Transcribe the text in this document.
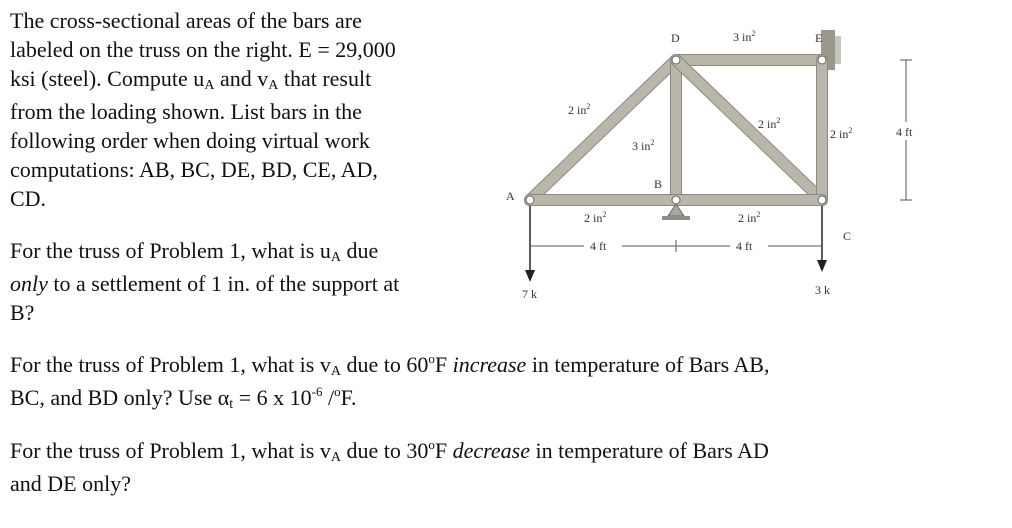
The cross-sectional areas of the bars are
labeled on the truss on the right. E = 29,000
ksi (steel). Compute uA and vA that result
from the loading shown. List bars in the
following order when doing virtual work
computations: AB, BC, DE, BD, CE, AD,
CD.

For the truss of Problem 1, what is uA due
only to a settlement of 1 in. of the support at
B?

For the truss of Problem 1, what is vA due to 60$^o$F increase in temperature of Bars AB,
BC, and BD only? Use αt = 6 x $10^{-6}$ /$^o$F.

For the truss of Problem 1, what is vA due to 30$^o$F decrease in temperature of Bars AD
and DE only?

A
B
C
D	E
3 $in^2$
2 $in^2$
3 $in^2$
2 $in^2$
2 $in^2$
2 $in^2$	2 $in^2$
4 ft	4 ft
4 ft
7 k	3 k
